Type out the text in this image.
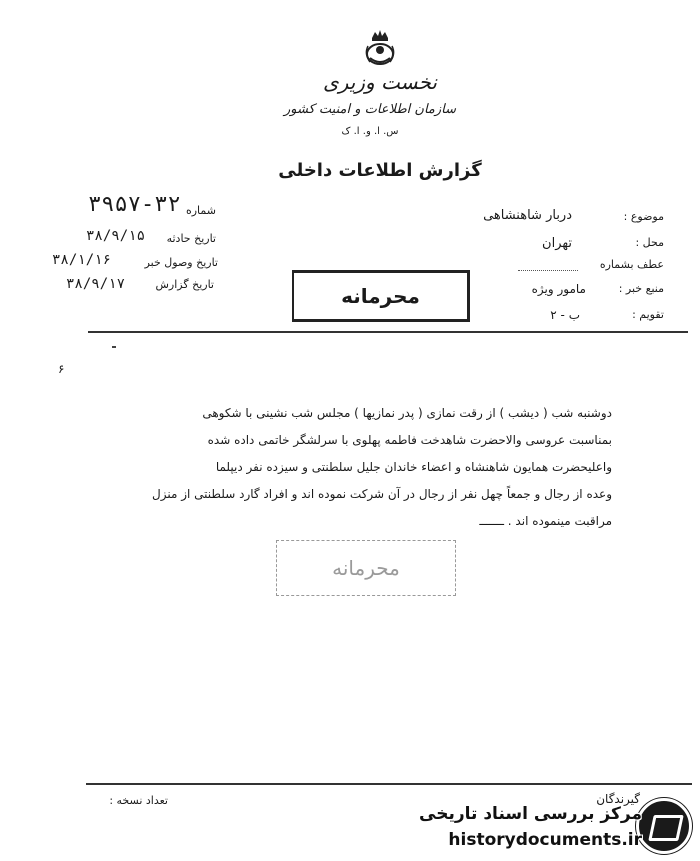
نخست وزیری
سازمان اطلاعات و امنیت کشور
س. ا. و. ا. ک
گزارش اطلاعات داخلی
شماره
۳۹۵۷-۳۲
تاریخ حادثه
۳۸/۹/۱۵
تاریخ وصول خبر
۳۸/۱/۱۶
تاریخ گزارش
۳۸/۹/۱۷
موضوع :
دربار شاهنشاهی
محل :
تهران
عطف بشماره
منبع خبر :
مامور ویژه
تقویم :
ب - ۲
محرمانه
۶
دوشنبه شب ( دیشب ) از رقت نمازی ( پدر نمازیها ) مجلس شب نشینی با شکوهی
بمناسبت عروسی والاحضرت شاهدخت فاطمه پهلوی با سرلشگر خاتمی داده شده
واعلیحضرت همایون شاهنشاه و اعضاء خاندان جلیل سلطنتی و سیزده نفر دیپلما
وعده از رجال و جمعاً چهل نفر از رجال در آن شرکت نموده اند و افراد گارد سلطنتی از منزل
مراقبت مینموده اند . ـــــــ
محرمانه
تعداد نسخه :	گیرندگان
مرکز بررسی اسناد تاریخی
historydocuments.ir
